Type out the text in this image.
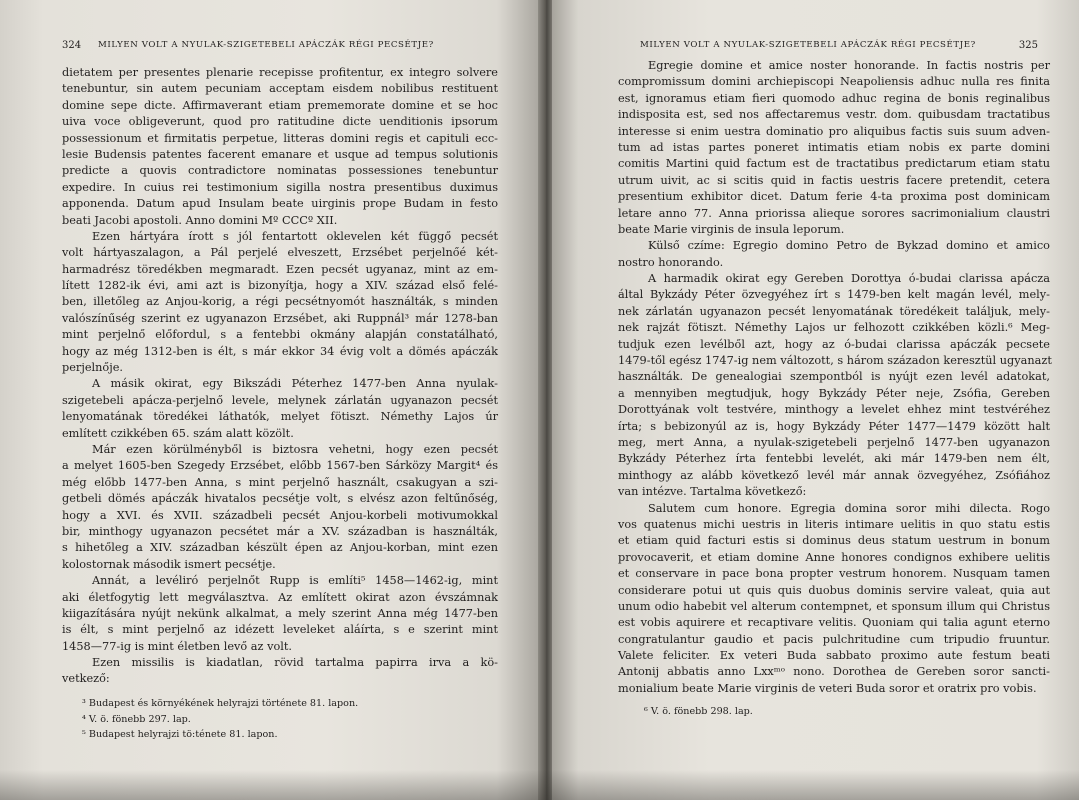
324 MILYEN VOLT A NYULAK-SZIGETEBELI APÁCZÁK RÉGI PECSÉTJE?
dietatem per presentes plenarie recepisse profitentur, ex integro solvere
tenebuntur, sin autem pecuniam acceptam eisdem nobilibus restituent
domine sepe dicte. Affirmaverant etiam prememorate domine et se hoc
uiva voce obligeverunt, quod pro ratitudine dicte uenditionis ipsorum
possessionum et firmitatis perpetue, litteras domini regis et capituli ecc-
lesie Budensis patentes facerent emanare et usque ad tempus solutionis
predicte a quovis contradictore nominatas possessiones tenebuntur
expedire. In cuius rei testimonium sigilla nostra presentibus duximus
apponenda. Datum apud Insulam beate uirginis prope Budam in festo
beati Jacobi apostoli. Anno domini Mº CCCº XII.
Ezen hártyára írott s jól fentartott oklevelen két függő pecsét
volt hártyaszalagon, a Pál perjelé elveszett, Erzsébet perjelnőé két-
harmadrész töredékben megmaradt. Ezen pecsét ugyanaz, mint az em-
lített 1282-ik évi, ami azt is bizonyítja, hogy a XIV. század első felé-
ben, illetőleg az Anjou-korig, a régi pecsétnyomót használták, s minden
valószínűség szerint ez ugyanazon Erzsébet, aki Ruppnál³ már 1278-ban
mint perjelnő előfordul, s a fentebbi okmány alapján constatálható,
hogy az még 1312-ben is élt, s már ekkor 34 évig volt a dömés apáczák
perjelnője.
A másik okirat, egy Bikszádi Péterhez 1477-ben Anna nyulak-
szigetebeli apácza-perjelnő levele, melynek zárlatán ugyanazon pecsét
lenyomatának töredékei láthatók, melyet fötiszt. Némethy Lajos úr
említett czikkében 65. szám alatt közölt.
Már ezen körülményből is biztosra vehetni, hogy ezen pecsét
a melyet 1605-ben Szegedy Erzsébet, előbb 1567-ben Sárközy Margit⁴ és
még előbb 1477-ben Anna, s mint perjelnő használt, csakugyan a szi-
getbeli dömés apáczák hivatalos pecsétje volt, s elvész azon feltűnőség,
hogy a XVI. és XVII. századbeli pecsét Anjou-korbeli motivumokkal
bir, minthogy ugyanazon pecsétet már a XV. században is használták,
s hihetőleg a XIV. században készült épen az Anjou-korban, mint ezen
kolostornak második ismert pecsétje.
Annát, a levéliró perjelnőt Rupp is említi⁵ 1458—1462-ig, mint
aki életfogytig lett megválasztva. Az említett okirat azon évszámnak
kiigazítására nyújt nekünk alkalmat, a mely szerint Anna még 1477-ben
is élt, s mint perjelnő az idézett leveleket aláírta, s e szerint mint
1458—77-ig is mint életben levő az volt.
Ezen missilis is kiadatlan, rövid tartalma papirra irva a kö-
vetkező:
³ Budapest és környékének helyrajzi története 81. lapon.
⁴ V. ö. fönebb 297. lap.
⁵ Budapest helyrajzi tö:ténete 81. lapon.
MILYEN VOLT A NYULAK-SZIGETEBELI APÁCZÁK RÉGI PECSÉTJE?	325
Egregie domine et amice noster honorande. In factis nostris per
compromissum domini archiepiscopi Neapoliensis adhuc nulla res finita
est, ignoramus etiam fieri quomodo adhuc regina de bonis reginalibus
indisposita est, sed nos affectaremus vestr. dom. quibusdam tractatibus
interesse si enim uestra dominatio pro aliquibus factis suis suum adven-
tum ad istas partes poneret intimatis etiam nobis ex parte domini
comitis Martini quid factum est de tractatibus predictarum etiam statu
utrum uivit, ac si scitis quid in factis uestris facere pretendit, cetera
presentium exhibitor dicet. Datum ferie 4-ta proxima post dominicam
letare anno 77. Anna priorissa alieque sorores sacrimonialium claustri
beate Marie virginis de insula leporum.
Külső czíme: Egregio domino Petro de Bykzad domino et amico
nostro honorando.
A harmadik okirat egy Gereben Dorottya ó-budai clarissa apácza
által Bykzády Péter özvegyéhez írt s 1479-ben kelt magán levél, mely-
nek zárlatán ugyanazon pecsét lenyomatának töredékeit találjuk, mely-
nek rajzát fötiszt. Némethy Lajos ur felhozott czikkében közli.⁶ Meg-
tudjuk ezen levélből azt, hogy az ó-budai clarissa apáczák pecsete
1479-től egész 1747-ig nem változott, s három századon keresztül ugyanazt
használták. De genealogiai szempontból is nyújt ezen levél adatokat,
a mennyiben megtudjuk, hogy Bykzády Péter neje, Zsófia, Gereben
Dorottyának volt testvére, minthogy a levelet ehhez mint testvéréhez
írta; s bebizonyúl az is, hogy Bykzády Péter 1477—1479 között halt
meg, mert Anna, a nyulak-szigetebeli perjelnő 1477-ben ugyanazon
Bykzády Péterhez írta fentebbi levelét, aki már 1479-ben nem élt,
minthogy az alább következő levél már annak özvegyéhez, Zsófiához
van intézve. Tartalma következő:
Salutem cum honore. Egregia domina soror mihi dilecta. Rogo
vos quatenus michi uestris in literis intimare uelitis in quo statu estis
et etiam quid facturi estis si dominus deus statum uestrum in bonum
provocaverit, et etiam domine Anne honores condignos exhibere uelitis
et conservare in pace bona propter vestrum honorem. Nusquam tamen
considerare potui ut quis quis duobus dominis servire valeat, quia aut
unum odio habebit vel alterum contempnet, et sponsum illum qui Christus
est vobis aquirere et recaptivare velitis. Quoniam qui talia agunt eterno
congratulantur gaudio et pacis pulchritudine cum tripudio fruuntur.
Valete feliciter. Ex veteri Buda sabbato proximo aute festum beati
Antonij abbatis anno Lxxᵐᵒ nono. Dorothea de Gereben soror sancti-
monialium beate Marie virginis de veteri Buda soror et oratrix pro vobis.
⁶ V. ö. fönebb 298. lap.
